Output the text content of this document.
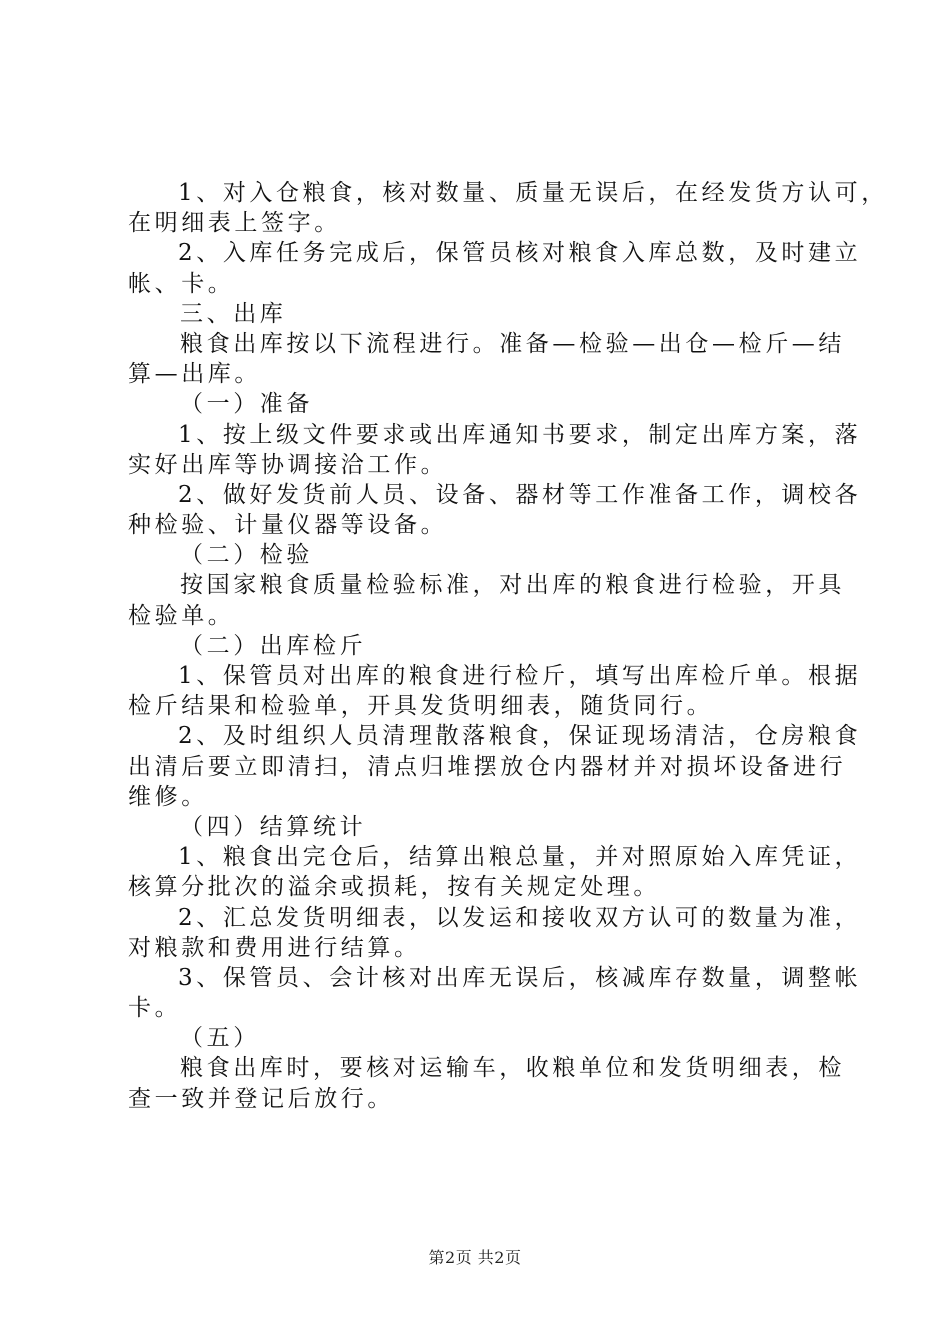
1、对入仓粮食，核对数量、质量无误后，在经发货方认可，
在明细表上签字。
2、入库任务完成后，保管员核对粮食入库总数，及时建立
帐、卡。
三、出库
粮食出库按以下流程进行。准备—检验—出仓—检斤—结
算—出库。
（一）准备
1、按上级文件要求或出库通知书要求，制定出库方案，落
实好出库等协调接洽工作。
2、做好发货前人员、设备、器材等工作准备工作，调校各
种检验、计量仪器等设备。
（二）检验
按国家粮食质量检验标准，对出库的粮食进行检验，开具
检验单。
（二）出库检斤
1、保管员对出库的粮食进行检斤，填写出库检斤单。根据
检斤结果和检验单，开具发货明细表，随货同行。
2、及时组织人员清理散落粮食，保证现场清洁，仓房粮食
出清后要立即清扫，清点归堆摆放仓内器材并对损坏设备进行
维修。
（四）结算统计
1、粮食出完仓后，结算出粮总量，并对照原始入库凭证，
核算分批次的溢余或损耗，按有关规定处理。
2、汇总发货明细表，以发运和接收双方认可的数量为准，
对粮款和费用进行结算。
3、保管员、会计核对出库无误后，核减库存数量，调整帐
卡。
（五）
粮食出库时，要核对运输车，收粮单位和发货明细表，检
查一致并登记后放行。
第2页 共2页
